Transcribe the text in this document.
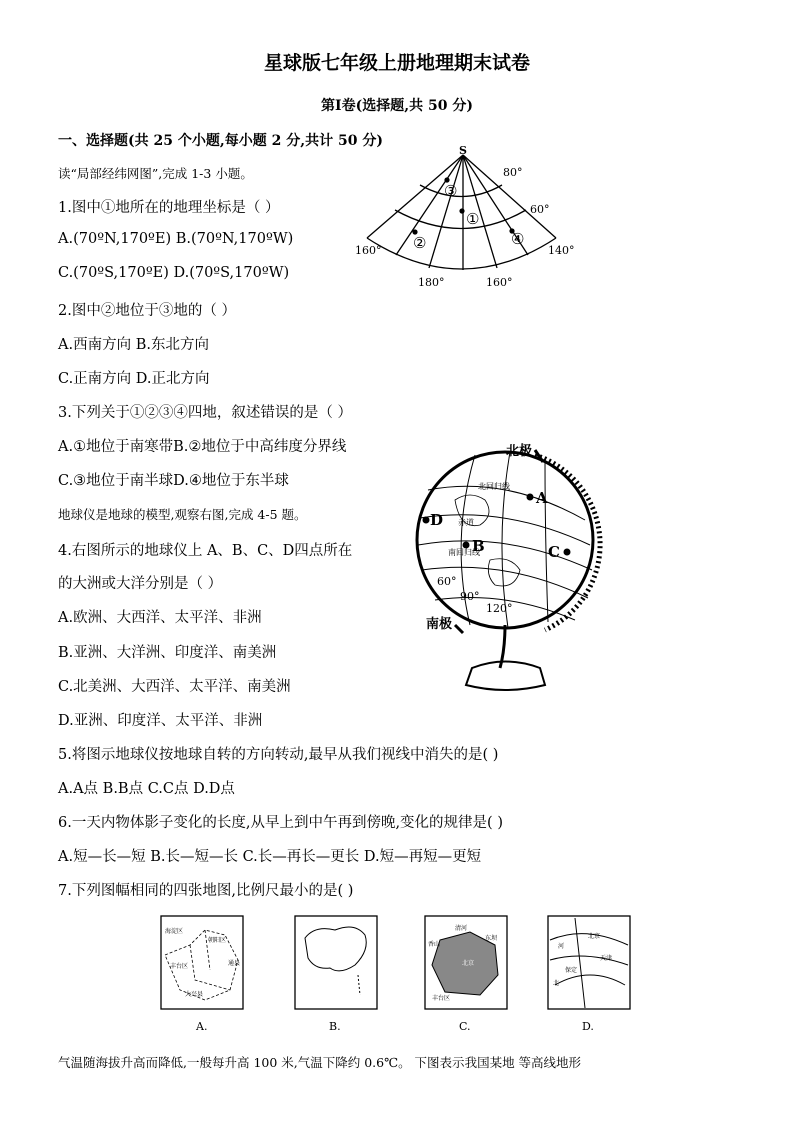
星球版七年级上册地理期末试卷
第Ⅰ卷(选择题,共 50 分)
一、选择题(共 25 个小题,每小题 2 分,共计 50 分)
读“局部经纬网图”,完成 1-3 小题。
1.图中①地所在的地理坐标是（ ）
A.(70ºN,170ºE) B.(70ºN,170ºW)
C.(70ºS,170ºE) D.(70ºS,170ºW)
2.图中②地位于③地的（ ）
A.西南方向 B.东北方向
C.正南方向 D.正北方向
3.下列关于①②③④四地，叙述错误的是（ ）
A.①地位于南寒带B.②地位于中高纬度分界线
C.③地位于南半球D.④地位于东半球
地球仪是地球的模型,观察右图,完成 4-5 题。
4.右图所示的地球仪上 A、B、C、D四点所在
的大洲或大洋分别是（ ）
A.欧洲、大西洋、太平洋、非洲
B.亚洲、大洋洲、印度洋、南美洲
C.北美洲、大西洋、太平洋、南美洲
D.亚洲、印度洋、太平洋、非洲
5.将图示地球仪按地球自转的方向转动,最早从我们视线中消失的是( )
A.A点 B.B点 C.C点 D.D点
6.一天内物体影子变化的长度,从早上到中午再到傍晚,变化的规律是( )
A.短—长—短 B.长—短—长 C.长—再长—更长 D.短—再短—更短
7.下列图幅相同的四张地图,比例尺最小的是( )
气温随海拔升高而降低,一般每升高 100 米,气温下降约 0.6℃。 下图表示我国某地 等高线地形
S
80°
60°
160°	140°
180°	160°
①
②
③
④
A
B	C
D
北极
南极
北回归线
南回归线
赤道
60°
90°
120°
海淀区
朝阳区
通县
丰台区
大兴县
清河
香山
东坝
北京
丰台区
北京
河
天津
保定
北
A.	B.	C.	D.
